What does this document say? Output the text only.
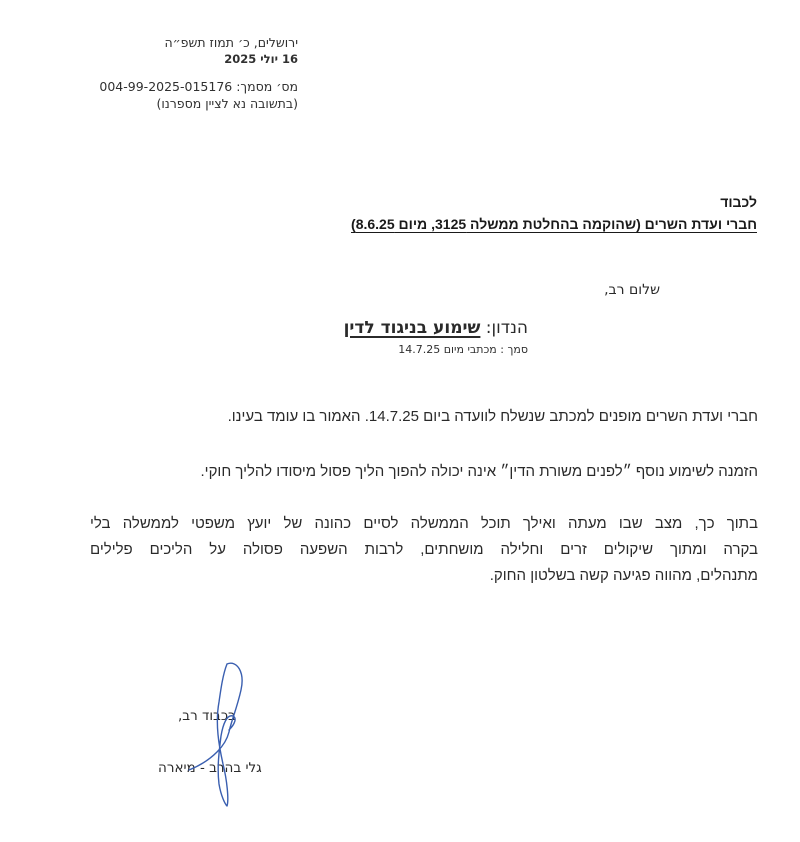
ירושלים, כ׳ תמוז תשפ״ה
16 יולי 2025
מס׳ מסמך: 004-99-2025-015176
(בתשובה נא לציין מספרנו)
לכבוד
חברי ועדת השרים (שהוקמה בהחלטת ממשלה 3125, מיום 8.6.25)
שלום רב,
הנדון: שימוע בניגוד לדין
סמך : מכתבי מיום 14.7.25
חברי ועדת השרים מופנים למכתב שנשלח לוועדה ביום 14.7.25. האמור בו עומד בעינו.
הזמנה לשימוע נוסף ״לפנים משורת הדין״ אינה יכולה להפוך הליך פסול מיסודו להליך חוקי.
בתוך כך, מצב שבו מעתה ואילך תוכל הממשלה לסיים כהונה של יועץ משפטי לממשלה בלי
בקרה ומתוך שיקולים זרים וחלילה מושחתים, לרבות השפעה פסולה על הליכים פלילים
מתנהלים, מהווה פגיעה קשה בשלטון החוק.
בכבוד רב,
גלי בהרב - מיארה
